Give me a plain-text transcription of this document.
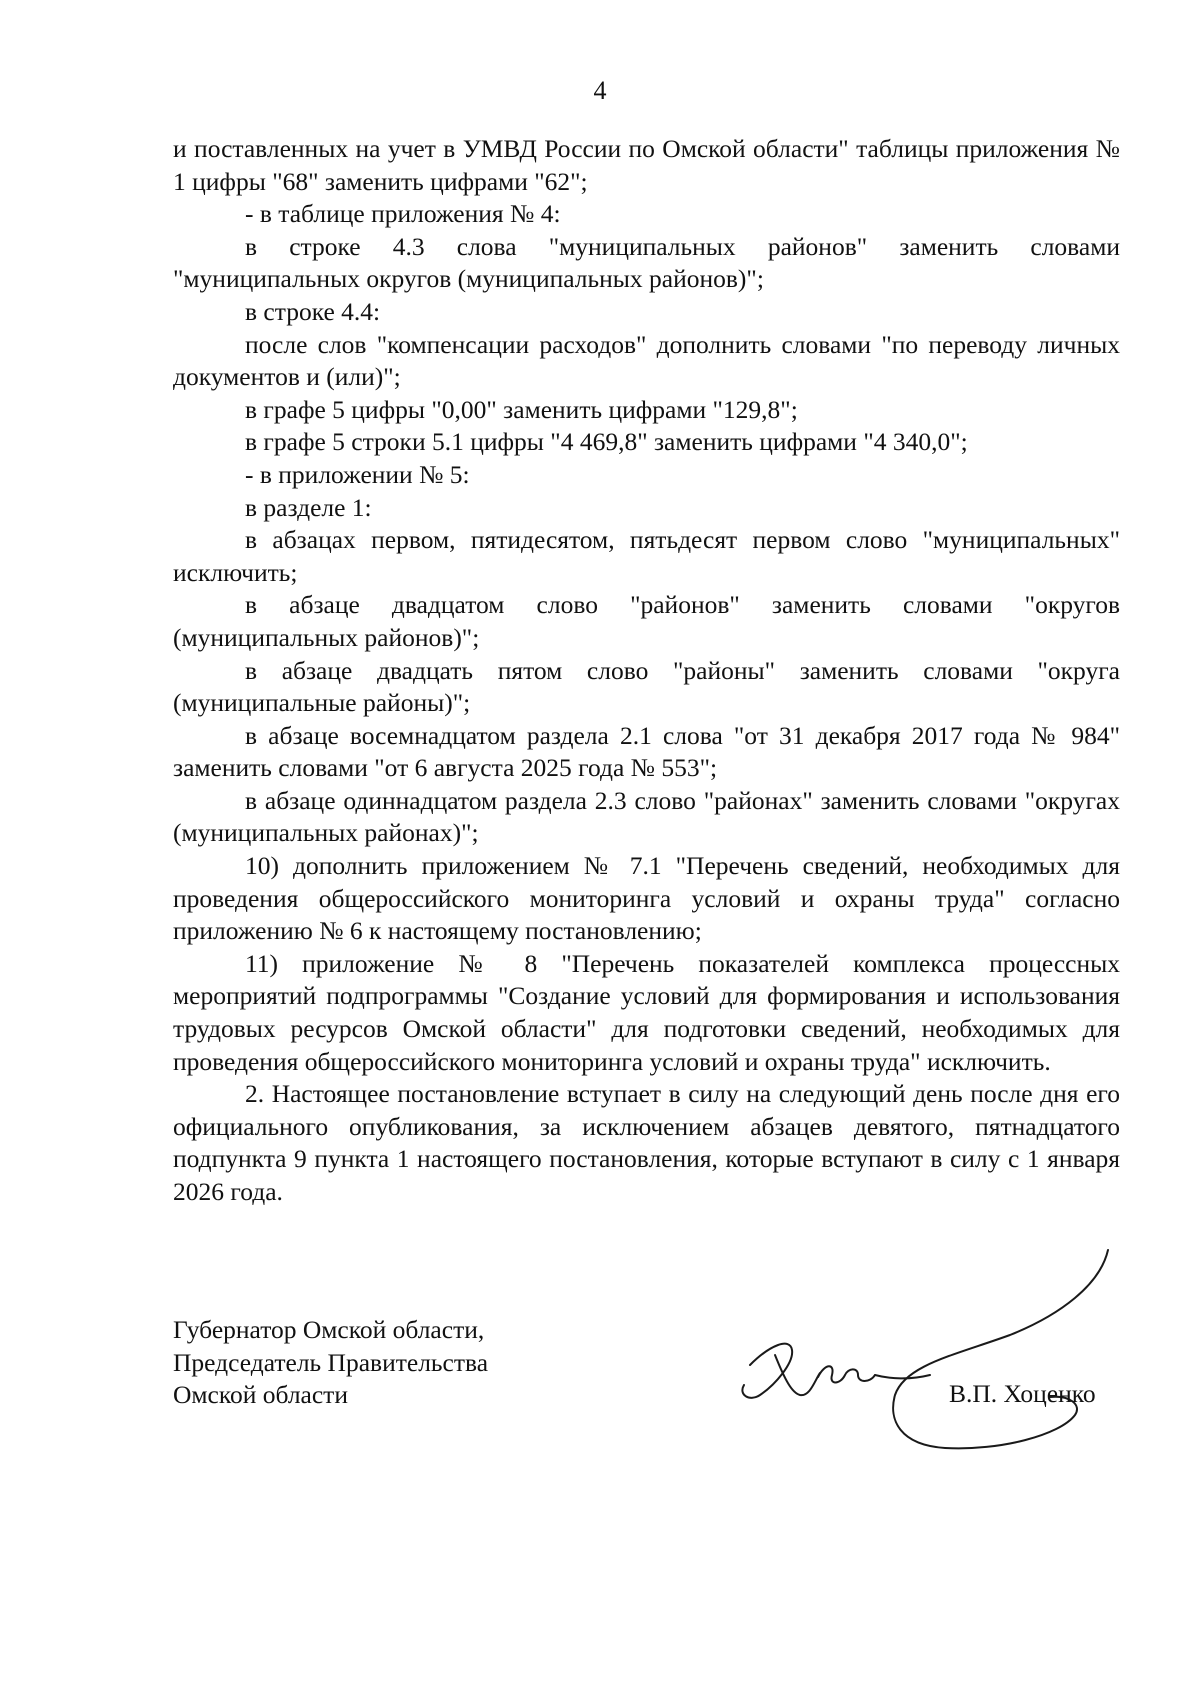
4

и поставленных на учет в УМВД России по Омской области" таблицы приложения № 1 цифры "68" заменить цифрами "62";

- в таблице приложения № 4:

в строке 4.3 слова "муниципальных районов" заменить словами "муниципальных округов (муниципальных районов)";

в строке 4.4:

после слов "компенсации расходов" дополнить словами "по переводу личных документов и (или)";

в графе 5 цифры "0,00" заменить цифрами "129,8";

в графе 5 строки 5.1 цифры "4 469,8" заменить цифрами "4 340,0";

- в приложении № 5:

в разделе 1:

в абзацах первом, пятидесятом, пятьдесят первом слово "муниципальных" исключить;

в абзаце двадцатом слово "районов" заменить словами "округов (муниципальных районов)";

в абзаце двадцать пятом слово "районы" заменить словами "округа (муниципальные районы)";

в абзаце восемнадцатом раздела 2.1 слова "от 31 декабря 2017 года № 984" заменить словами "от 6 августа 2025 года № 553";

в абзаце одиннадцатом раздела 2.3 слово "районах" заменить словами "округах (муниципальных районах)";

10) дополнить приложением № 7.1 "Перечень сведений, необходимых для проведения общероссийского мониторинга условий и охраны труда" согласно приложению № 6 к настоящему постановлению;

11) приложение № 8 "Перечень показателей комплекса процессных мероприятий подпрограммы "Создание условий для формирования и использования трудовых ресурсов Омской области" для подготовки сведений, необходимых для проведения общероссийского мониторинга условий и охраны труда" исключить.

2. Настоящее постановление вступает в силу на следующий день после дня его официального опубликования, за исключением абзацев девятого, пятнадцатого подпункта 9 пункта 1 настоящего постановления, которые вступают в силу с 1 января 2026 года.

Губернатор Омской области,
Председатель Правительства
Омской области	В.П. Хоценко
